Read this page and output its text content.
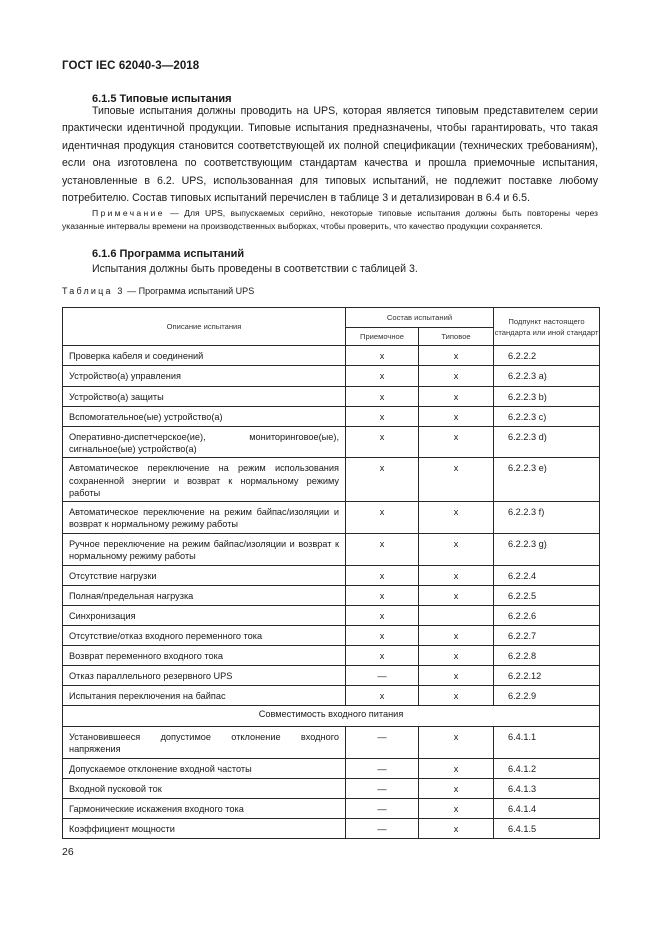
ГОСТ IEC 62040-3—2018
6.1.5 Типовые испытания

Типовые испытания должны проводить на UPS, которая является типовым представителем серии практически идентичной продукции. Типовые испытания предназначены, чтобы гарантировать, что такая идентичная продукция становится соответствующей их полной спецификации (технических требованиям), если она изготовлена по соответствующим стандартам качества и прошла приемочные испытания, установленные в 6.2. UPS, использованная для типовых испытаний, не подлежит поставке любому потребителю. Состав типовых испытаний перечислен в таблице 3 и детализирован в 6.4 и 6.5.

Примечание — Для UPS, выпускаемых серийно, некоторые типовые испытания должны быть повторены через указанные интервалы времени на производственных выборках, чтобы проверить, что качество продукции сохраняется.

6.1.6 Программа испытаний
Испытания должны быть проведены в соответствии с таблицей 3.
Таблица 3 — Программа испытаний UPS
Описание испытания	Состав испытаний		Подпункт настоящего стандарта или иной стандарт
	Приемочное	Типовое	
Проверка кабеля и соединений	x	x	6.2.2.2
Устройство(а) управления	x	x	6.2.2.3 a)
Устройство(а) защиты	x	x	6.2.2.3 b)
Вспомогательное(ые) устройство(а)	x	x	6.2.2.3 c)
Оперативно-диспетчерское(ие), мониторинговое(ые), сигнальное(ые) устройство(а)	x	x	6.2.2.3 d)
Автоматическое переключение на режим использования сохраненной энергии и возврат к нормальному режиму работы	x	x	6.2.2.3 e)
Автоматическое переключение на режим байпас/изоляции и возврат к нормальному режиму работы	x	x	6.2.2.3 f)
Ручное переключение на режим байпас/изоляции и возврат к нормальному режиму работы	x	x	6.2.2.3 g)
Отсутствие нагрузки	x	x	6.2.2.4
Полная/предельная нагрузка	x	x	6.2.2.5
Синхронизация	x		6.2.2.6
Отсутствие/отказ входного переменного тока	x	x	6.2.2.7
Возврат переменного входного тока	x	x	6.2.2.8
Отказ параллельного резервного UPS	—	x	6.2.2.12
Испытания переключения на байпас	x	x	6.2.2.9
Совместимость входного питания			
Установившееся допустимое отклонение входного напряжения	—	x	6.4.1.1
Допускаемое отклонение входной частоты	—	x	6.4.1.2
Входной пусковой ток	—	x	6.4.1.3
Гармонические искажения входного тока	—	x	6.4.1.4
Коэффициент мощности	—	x	6.4.1.5
26
